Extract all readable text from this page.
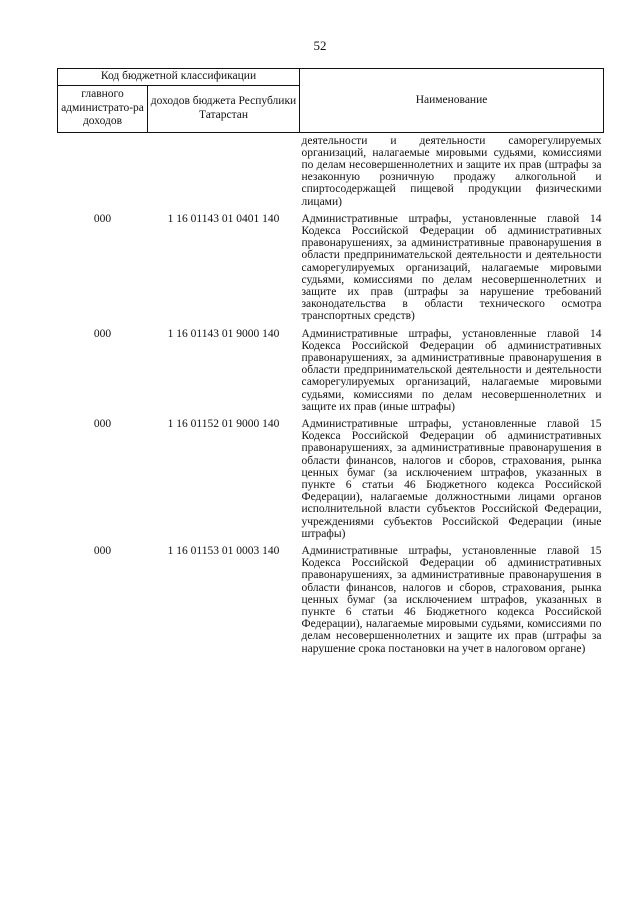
52
Код бюджетной классификации		Наименование
главного администрато-ра доходов	доходов бюджета Республики Татарстан	
		деятельности и деятельности саморегулируемых организаций, налагаемые мировыми судьями, комиссиями по делам несовершеннолетних и защите их прав (штрафы за незаконную розничную продажу алкогольной и спиртосодержащей пищевой продукции физическими лицами)
000	1 16 01143 01 0401 140	Административные штрафы, установленные главой 14 Кодекса Российской Федерации об административных правонарушениях, за административные правонарушения в области предпринимательской деятельности и деятельности саморегулируемых организаций, налагаемые мировыми судьями, комиссиями по делам несовершеннолетних и защите их прав (штрафы за нарушение требований законодательства в области технического осмотра транспортных средств)
000	1 16 01143 01 9000 140	Административные штрафы, установленные главой 14 Кодекса Российской Федерации об административных правонарушениях, за административные правонарушения в области предпринимательской деятельности и деятельности саморегулируемых организаций, налагаемые мировыми судьями, комиссиями по делам несовершеннолетних и защите их прав (иные штрафы)
000	1 16 01152 01 9000 140	Административные штрафы, установленные главой 15 Кодекса Российской Федерации об административных правонарушениях, за административные правонарушения в области финансов, налогов и сборов, страхования, рынка ценных бумаг (за исключением штрафов, указанных в пункте 6 статьи 46 Бюджетного кодекса Российской Федерации), налагаемые должностными лицами органов исполнительной власти субъектов Российской Федерации, учреждениями субъектов Российской Федерации (иные штрафы)
000	1 16 01153 01 0003 140	Административные штрафы, установленные главой 15 Кодекса Российской Федерации об административных правонарушениях, за административные правонарушения в области финансов, налогов и сборов, страхования, рынка ценных бумаг (за исключением штрафов, указанных в пункте 6 статьи 46 Бюджетного кодекса Российской Федерации), налагаемые мировыми судьями, комиссиями по делам несовершеннолетних и защите их прав (штрафы за нарушение срока постановки на учет в налоговом органе)
